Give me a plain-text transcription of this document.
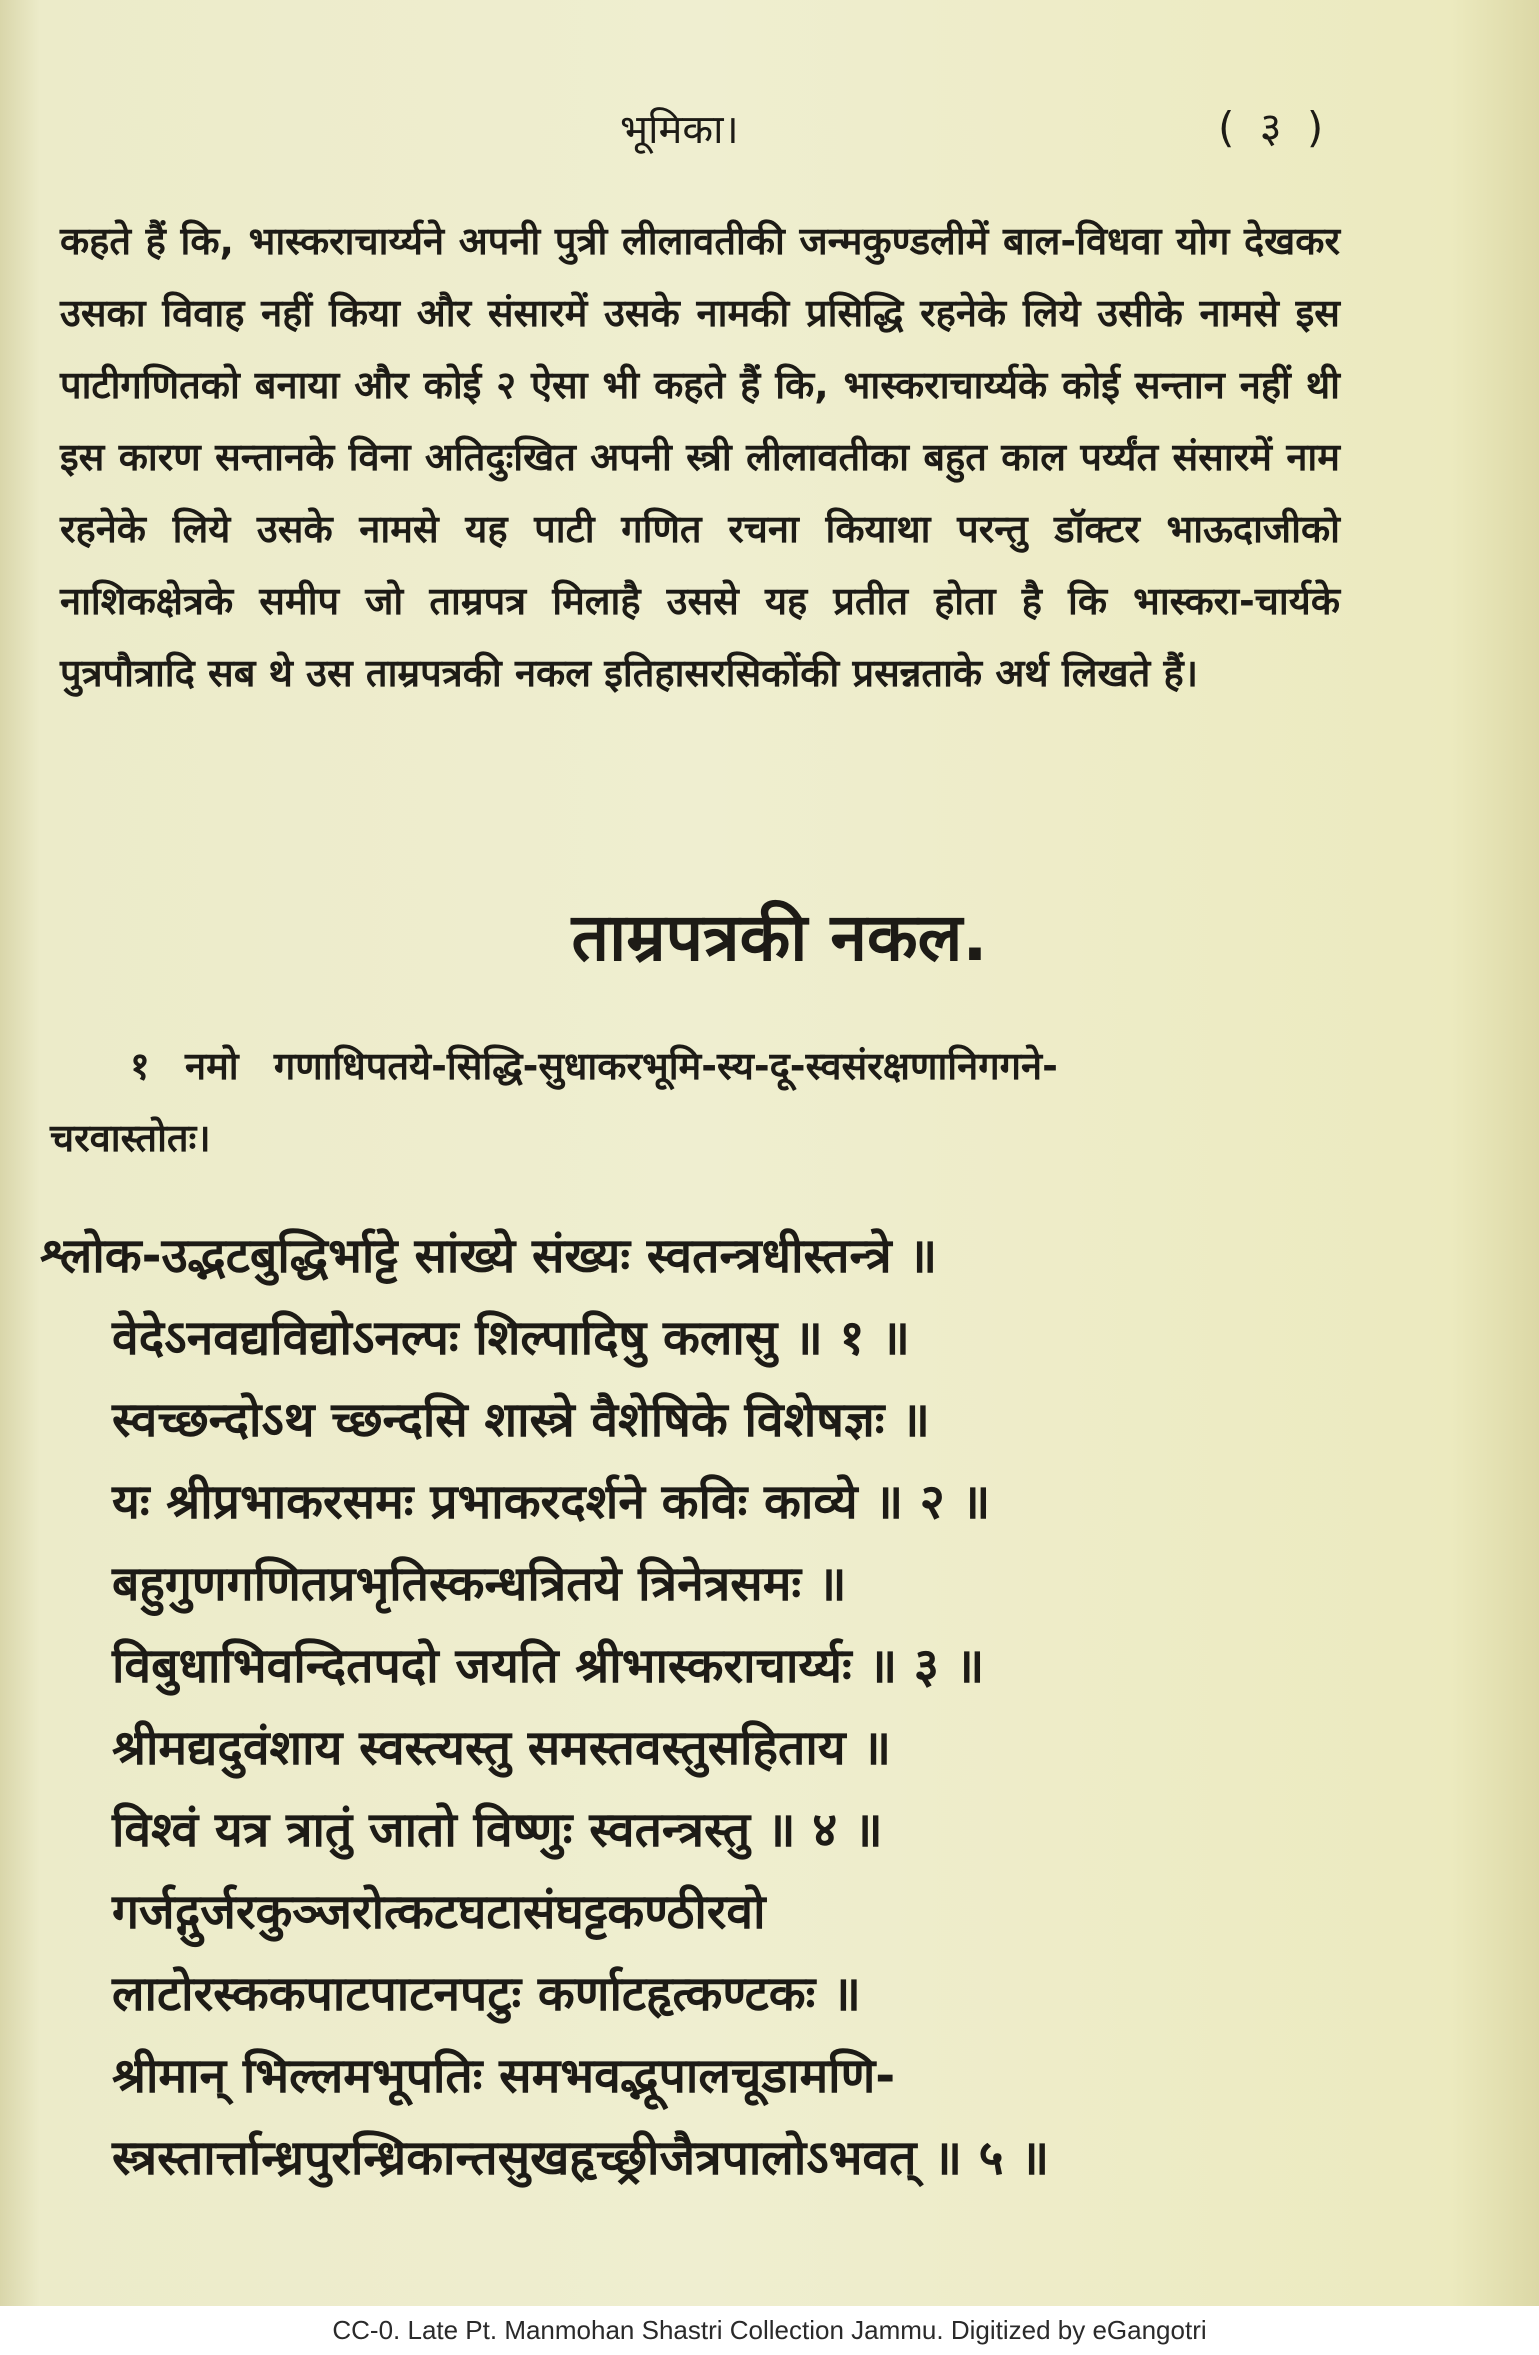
भूमिका।	( ३ )
कहते हैं कि, भास्कराचार्य्यने अपनी पुत्री लीलावतीकी जन्मकुण्डलीमें बाल-विधवा योग देखकर उसका विवाह नहीं किया और संसारमें उसके नामकी प्रसिद्धि रहनेके लिये उसीके नामसे इस पाटीगणितको बनाया और कोई २ ऐसा भी कहते हैं कि, भास्कराचार्य्यके कोई सन्तान नहीं थी इस कारण सन्तानके विना अतिदुःखित अपनी स्त्री लीलावतीका बहुत काल पर्य्यंत संसारमें नाम रहनेके लिये उसके नामसे यह पाटी गणित रचना कियाथा परन्तु डॉक्टर भाऊदाजीको नाशिकक्षेत्रके समीप जो ताम्रपत्र मिलाहै उससे यह प्रतीत होता है कि भास्करा-चार्यके पुत्रपौत्रादि सब थे उस ताम्रपत्रकी नकल इतिहासरसिकोंकी प्रसन्नताके अर्थ लिखते हैं।
ताम्रपत्रकी नकल.
१ नमो गणाधिपतये-सिद्धि-सुधाकरभूमि-स्य-दू-स्वसंरक्षणानिगगने-
चरवास्तोतः।
श्लोक-उद्भटबुद्धिर्भाट्टे सांख्ये संख्यः स्वतन्त्रधीस्तन्त्रे ॥
वेदेऽनवद्यविद्योऽनल्पः शिल्पादिषु कलासु ॥ १ ॥
स्वच्छन्दोऽथ च्छन्दसि शास्त्रे वैशेषिके विशेषज्ञः ॥
यः श्रीप्रभाकरसमः प्रभाकरदर्शने कविः काव्ये ॥ २ ॥
बहुगुणगणितप्रभृतिस्कन्धत्रितये त्रिनेत्रसमः ॥
विबुधाभिवन्दितपदो जयति श्रीभास्कराचार्य्यः ॥ ३ ॥
श्रीमद्यदुवंशाय स्वस्त्यस्तु समस्तवस्तुसहिताय ॥
विश्वं यत्र त्रातुं जातो विष्णुः स्वतन्त्रस्तु ॥ ४ ॥
गर्जद्गुर्जरकुञ्जरोत्कटघटासंघट्टकण्ठीरवो
लाटोरस्ककपाटपाटनपटुः कर्णाटहृत्कण्टकः ॥
श्रीमान् भिल्लमभूपतिः समभवद्भूपालचूडामणि-
स्त्रस्तार्त्तान्ध्रपुरन्ध्रिकान्तसुखहृच्छ्रीजैत्रपालोऽभवत् ॥ ५ ॥
CC-0. Late Pt. Manmohan Shastri Collection Jammu. Digitized by eGangotri
